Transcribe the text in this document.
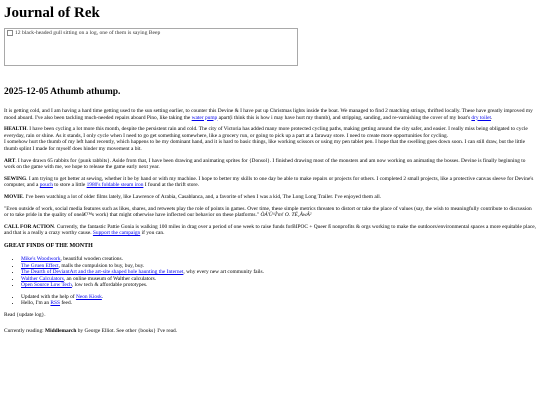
Journal of Rek
12 black-headed gull sitting on a log, one of them is saying Beep
2025-12-05 Athumb athump.

It is getting cold, and I am having a hard time getting used to the sun setting earlier, to counter this Devine & I have put up Christmas lights inside the boat. We managed to find 2 matching strings, thrifted locally. These have greatly improved my mood aboard. I've also been tackling much-needed repairs aboard Pino, like taking the water pump apart(i think this is how i may have hurt my thumb), and stripping, sanding, and re-varnishing the cover of my boat's dry toilet.

HEALTH. I have been cycling a lot more this month, despite the persistent rain and cold. The city of Victoria has added many more protected cycling paths, making getting around the city safer, and easier. I really miss being obligated to cycle everyday, rain or shine. As it stands, I only cycle when I need to go get something somewhere, like a grocery run, or going to pick up a part at a faraway store. I need to create more opportunities for cycling.
I somehow hurt the thumb of my left hand recently, which happens to be my dominant hand, and it is hard to basic things, like working scissors or using my pen tablet pen. I hope that the swelling goes down soon. I can still draw, but the little thumb splint I made for myself does hinder my movement a bit.

ART. I have drawn 65 rabbits for {punk rabbits}. Aside from that, I have been drawing and animating sprites for {Donsol}. I finished drawing most of the monsters and am now working on animating the bosses. Devine is finally beginning to work on the game with me, we hope to release the game early next year.

SEWING. I am trying to get better at sewing, whether it be by hand or with my machine. I hope to better my skills to one day be able to make repairs or projects for others. I completed 2 small projects, like a protective canvas sleeve for Devine's computer, and a pouch to store a little 1980's foldable steam iron I found at the thrift store.

MOVIE. I've been watching a lot of older films lately, like Lawrence of Arabia, Casablanca, and, a favorite of when I was a kid, The Long Long Trailer. I've enjoyed them all.

"Even outside of work, social media features such as likes, shares, and retweets play the role of points in games. Over time, these simple metrics threaten to distort or take the place of values (say, the wish to meaningfully contribute to discussion or to take pride in the quality of oneâ€™s work) that might otherwise have inflected our behavior on these platforms." ÒÁ'Ü^Î'm! O. TÉ¸ÅwÂ²

CALL FOR ACTION. Currently, the fantastic Pattie Gonia is walking 100 miles in drag over a period of one week to raise funds forBIPOC + Queer ß nonprofits & orgs working to make the outdoors/environmental spaces a more equitable place, and that is a really a crazy worthy cause. Support the campaign if you can.

GREAT FINDS OF THE MONTH
• Mike's Woodwork, beautiful wooden creations.
• The Gruen Effect, malls the compulsion to buy, buy, buy.
• The Dearth of DeviantArt and the art-site shaped hole haunting the Internet, why every new art community fails.
• Walther Calculators, an online museum of Walther calculators.
• Open Source Low Tech, low tech & affordable prototypes.
• Updated with the help of Neon Kiosk.
• Hello, I'm an RSS feed.

Read {update log}.

Currently reading: Middlemarch by George Elliot. See other {books} I've read.
